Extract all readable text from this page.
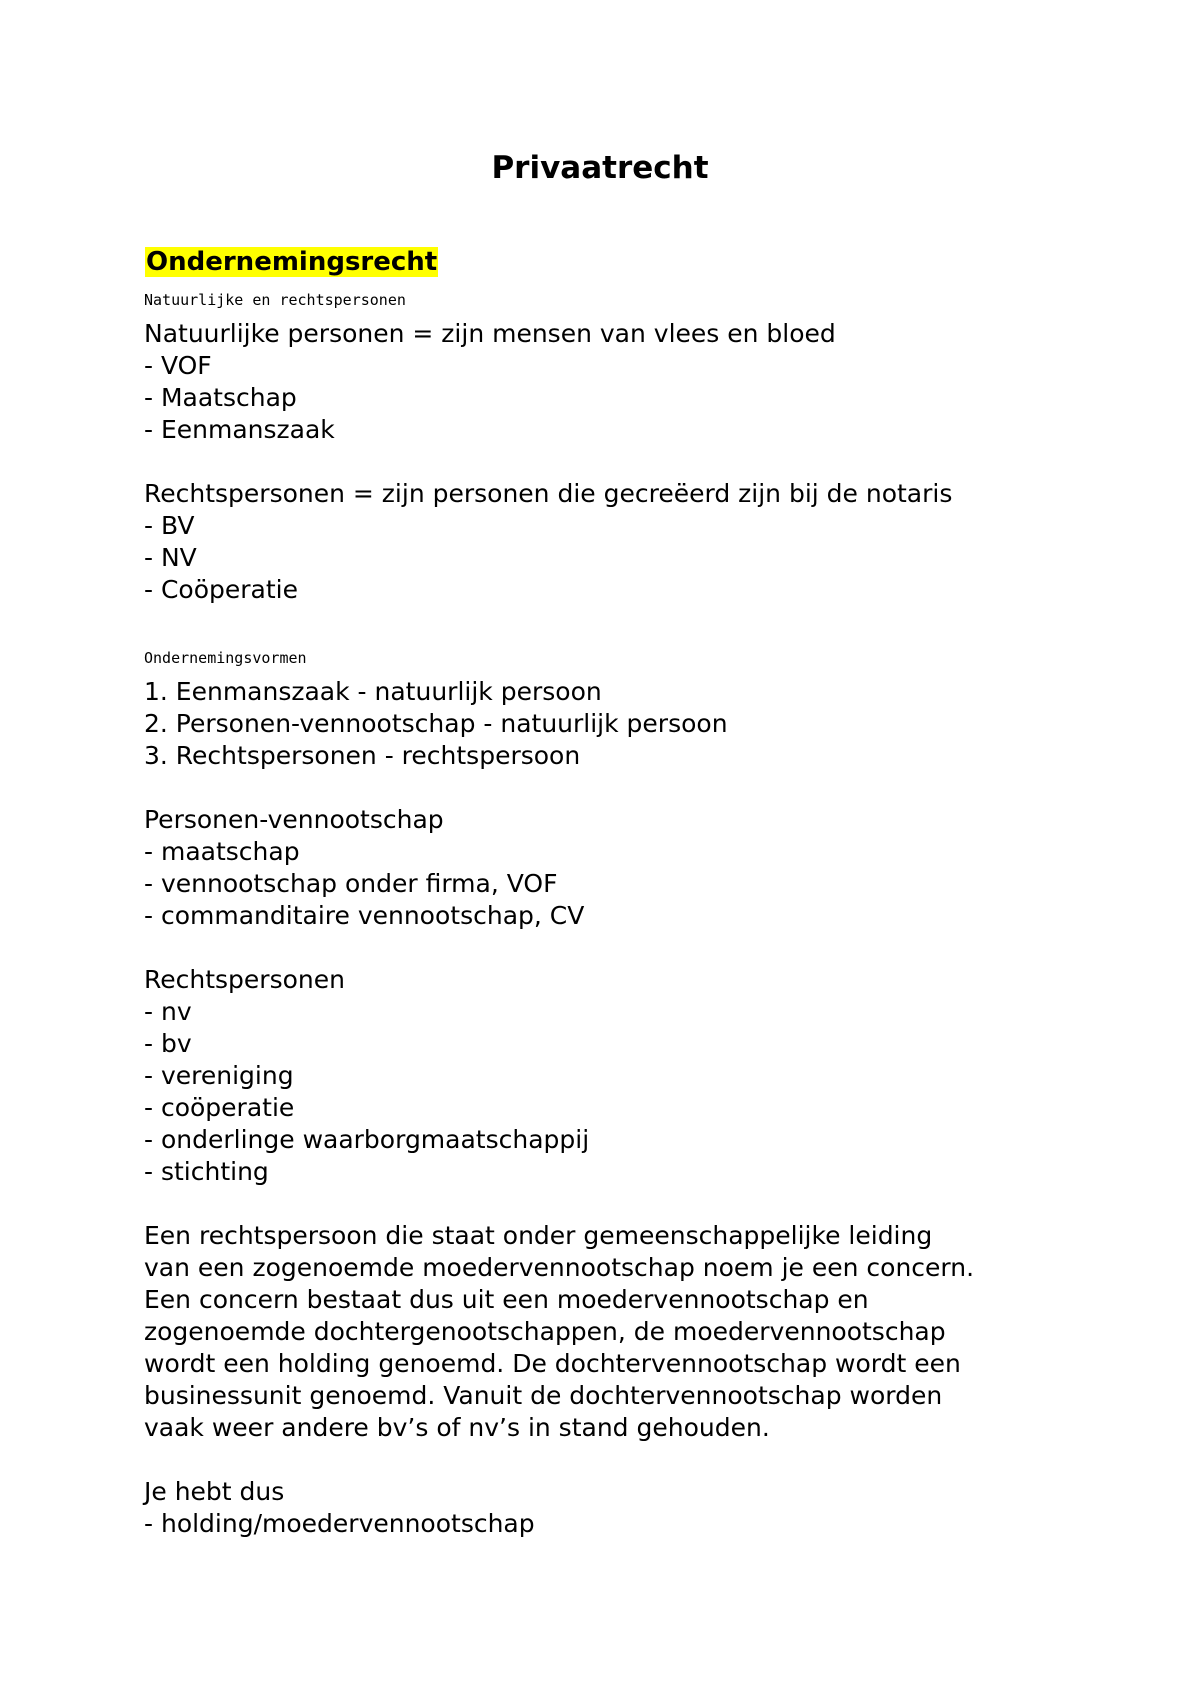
Privaatrecht
Ondernemingsrecht
Natuurlijke en rechtspersonen
Natuurlijke personen = zijn mensen van vlees en bloed
- VOF
- Maatschap
- Eenmanszaak
Rechtspersonen = zijn personen die gecreëerd zijn bij de notaris
- BV
- NV
- Coöperatie
Ondernemingsvormen
1. Eenmanszaak - natuurlijk persoon
2. Personen-vennootschap - natuurlijk persoon
3. Rechtspersonen - rechtspersoon
Personen-vennootschap
- maatschap
- vennootschap onder firma, VOF
- commanditaire vennootschap, CV
Rechtspersonen
- nv
- bv
- vereniging
- coöperatie
- onderlinge waarborgmaatschappij
- stichting
Een rechtspersoon die staat onder gemeenschappelijke leiding
van een zogenoemde moedervennootschap noem je een concern.
Een concern bestaat dus uit een moedervennootschap en
zogenoemde dochtergenootschappen, de moedervennootschap
wordt een holding genoemd. De dochtervennootschap wordt een
businessunit genoemd. Vanuit de dochtervennootschap worden
vaak weer andere bv’s of nv’s in stand gehouden.
Je hebt dus
- holding/moedervennootschap
